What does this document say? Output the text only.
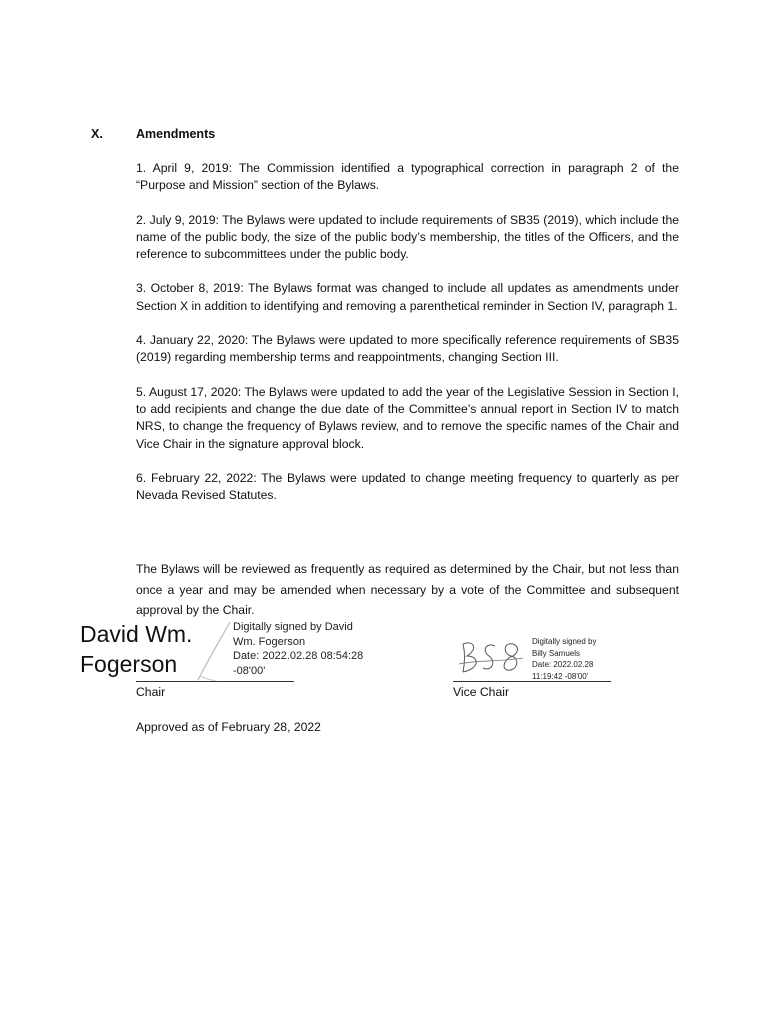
X.	Amendments

1. April 9, 2019: The Commission identified a typographical correction in paragraph 2 of the “Purpose and Mission” section of the Bylaws.

2. July 9, 2019: The Bylaws were updated to include requirements of SB35 (2019), which include the name of the public body, the size of the public body’s membership, the titles of the Officers, and the reference to subcommittees under the public body.

3. October 8, 2019: The Bylaws format was changed to include all updates as amendments under Section X in addition to identifying and removing a parenthetical reminder in Section IV, paragraph 1.

4. January 22, 2020: The Bylaws were updated to more specifically reference requirements of SB35 (2019) regarding membership terms and reappointments, changing Section III.

5. August 17, 2020: The Bylaws were updated to add the year of the Legislative Session in Section I, to add recipients and change the due date of the Committee’s annual report in Section IV to match NRS, to change the frequency of Bylaws review, and to remove the specific names of the Chair and Vice Chair in the signature approval block.

6. February 22, 2022: The Bylaws were updated to change meeting frequency to quarterly as per Nevada Revised Statutes.

The Bylaws will be reviewed as frequently as required as determined by the Chair, but not less than once a year and may be amended when necessary by a vote of the Committee and subsequent approval by the Chair.

David Wm. Fogerson
Digitally signed by David
Wm. Fogerson
Date: 2022.02.28 08:54:28
-08'00'
Chair
Digitally signed by
Billy Samuels
Date: 2022.02.28
11:19:42 -08'00'
Vice Chair
Approved as of February 28, 2022
